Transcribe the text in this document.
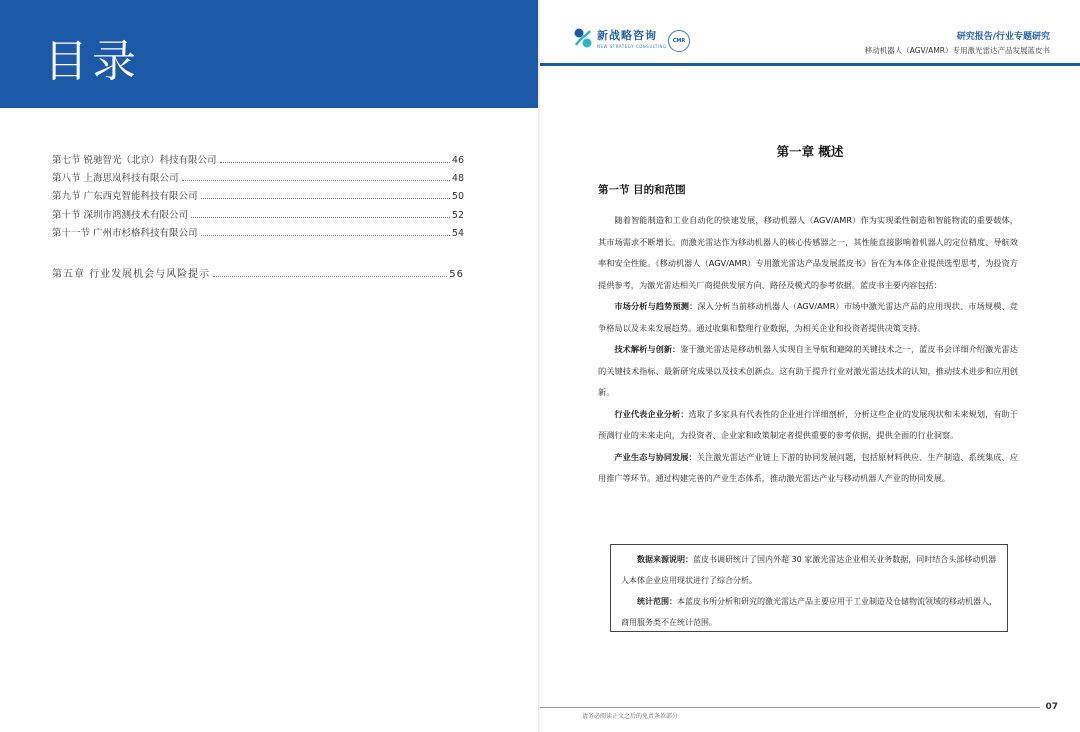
目录
第七节 锐驰智光（北京）科技有限公司	46
第八节 上海思岚科技有限公司	48
第九节 广东西克智能科技有限公司	50
第十节 深圳市鸿测技术有限公司	52
第十一节 广州市杉格科技有限公司	54
第五章 行业发展机会与风险提示	56
新战略咨询
NEW STRATEGY CONSULTING
CMR	研究报告/行业专题研究
移动机器人（AGV/AMR）专用激光雷达产品发展蓝皮书
第一章 概述
第一节 目的和范围

随着智能制造和工业自动化的快速发展，移动机器人（AGV/AMR）作为实现柔性制造和智能物流的重要载体，其市场需求不断增长。而激光雷达作为移动机器人的核心传感器之一，其性能直接影响着机器人的定位精度、导航效率和安全性能。《移动机器人（AGV/AMR）专用激光雷达产品发展蓝皮书》旨在为本体企业提供选型思考，为投资方提供参考，为激光雷达相关厂商提供发展方向、路径及模式的参考依据。蓝皮书主要内容包括：

市场分析与趋势预测：深入分析当前移动机器人（AGV/AMR）市场中激光雷达产品的应用现状、市场规模、竞争格局以及未来发展趋势。通过收集和整理行业数据，为相关企业和投资者提供决策支持。

技术解析与创新：鉴于激光雷达是移动机器人实现自主导航和避障的关键技术之一，蓝皮书会详细介绍激光雷达的关键技术指标、最新研究成果以及技术创新点。这有助于提升行业对激光雷达技术的认知，推动技术进步和应用创新。

行业代表企业分析：选取了多家具有代表性的企业进行详细剖析，分析这些企业的发展现状和未来规划，有助于预测行业的未来走向，为投资者、企业家和政策制定者提供重要的参考依据，提供全面的行业洞察。

产业生态与协同发展：关注激光雷达产业链上下游的协同发展问题，包括原材料供应、生产制造、系统集成、应用推广等环节。通过构建完善的产业生态体系，推动激光雷达产业与移动机器人产业的协同发展。

数据来源说明：蓝皮书调研统计了国内外超 30 家激光雷达企业相关业务数据，同时结合头部移动机器人本体企业应用现状进行了综合分析。

统计范围：本蓝皮书所分析和研究的激光雷达产品主要应用于工业制造及仓储物流领域的移动机器人，商用服务类不在统计范围。

请务必阅读正文之后的免责条款部分
07
